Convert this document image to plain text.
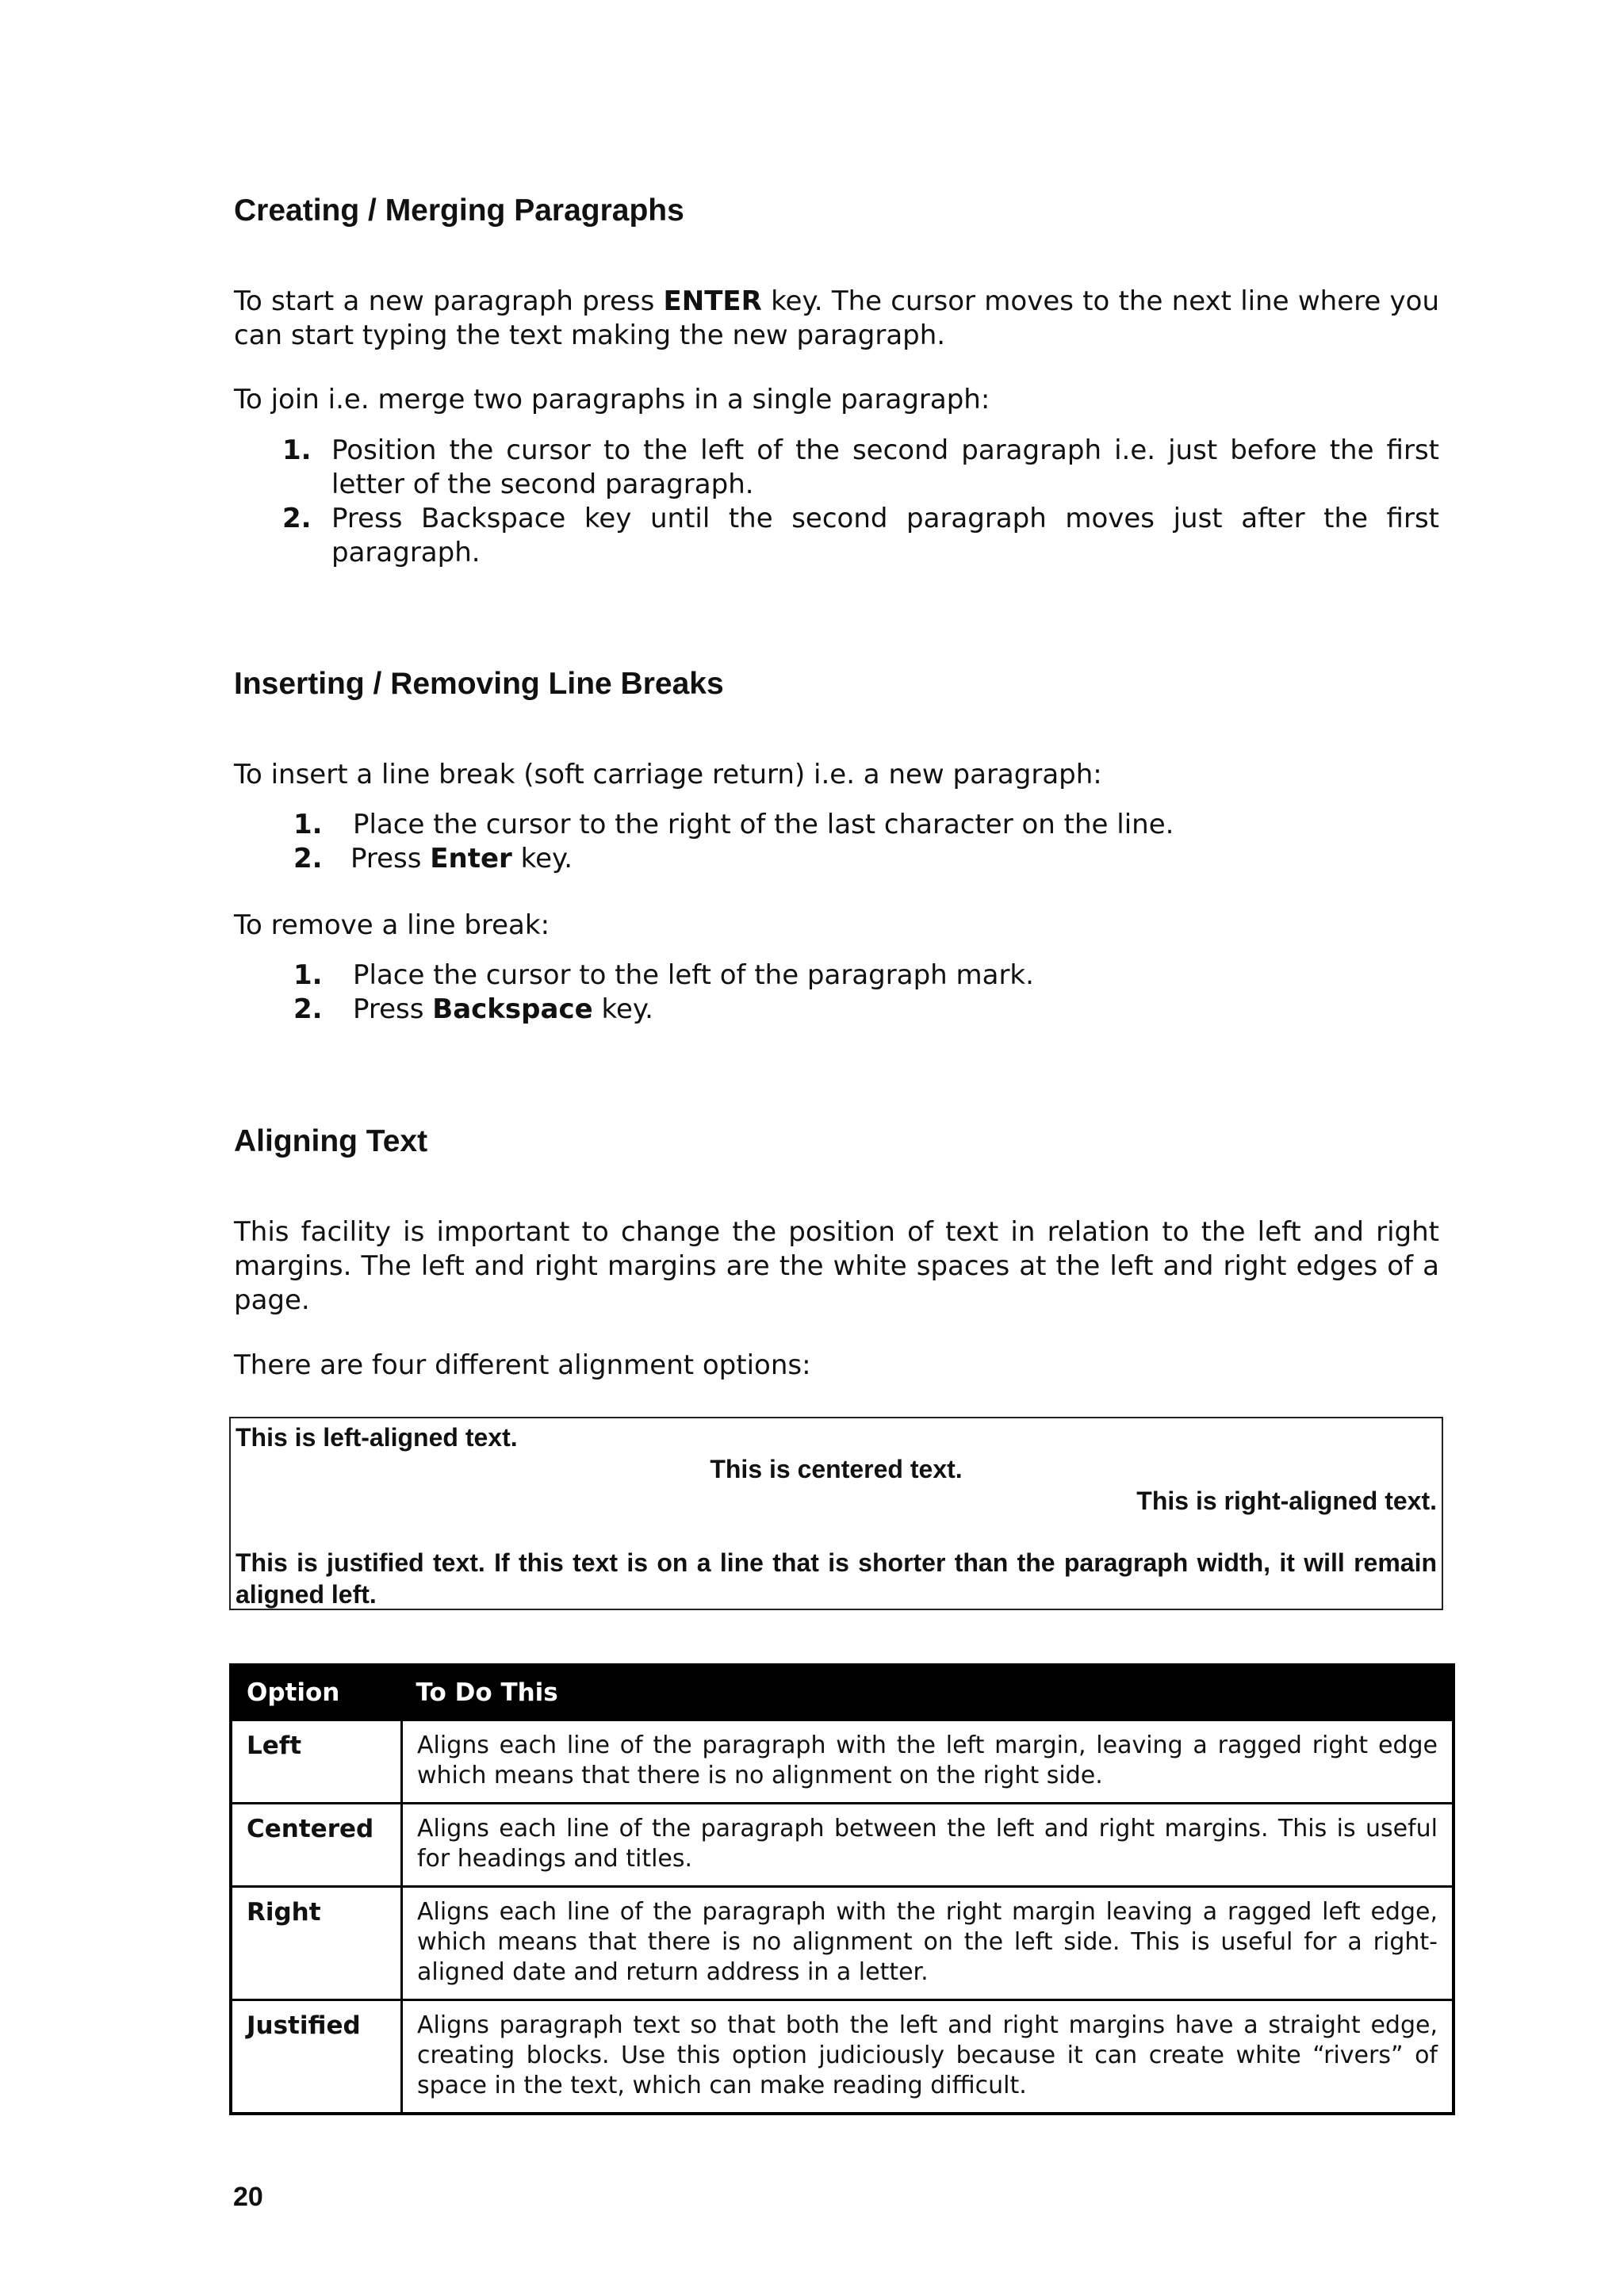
Creating / Merging Paragraphs

To start a new paragraph press ENTER key. The cursor moves to the next line where you can start typing the text making the new paragraph.

To join i.e. merge two paragraphs in a single paragraph:

1. Position the cursor to the left of the second paragraph i.e. just before the first letter of the second paragraph.
2. Press Backspace key until the second paragraph moves just after the first paragraph.
Inserting / Removing Line Breaks

To insert a line break (soft carriage return) i.e. a new paragraph:

1.	Place the cursor to the right of the last character on the line.
2.	Press Enter key.

To remove a line break:

1.	Place the cursor to the left of the paragraph mark.
2.	Press Backspace key.
Aligning Text

This facility is important to change the position of text in relation to the left and right margins. The left and right margins are the white spaces at the left and right edges of a page.

There are four different alignment options:

This is left-aligned text.
This is centered text.
This is right-aligned text.
This is justified text. If this text is on a line that is shorter than the paragraph width, it will remain aligned left.
Option	To Do This
Left	Aligns each line of the paragraph with the left margin, leaving a ragged right edge which means that there is no alignment on the right side.
Centered	Aligns each line of the paragraph between the left and right margins. This is useful for headings and titles.
Right	Aligns each line of the paragraph with the right margin leaving a ragged left edge, which means that there is no alignment on the left side. This is useful for a right-aligned date and return address in a letter.
Justified	Aligns paragraph text so that both the left and right margins have a straight edge, creating blocks. Use this option judiciously because it can create white “rivers” of space in the text, which can make reading difficult.
20
